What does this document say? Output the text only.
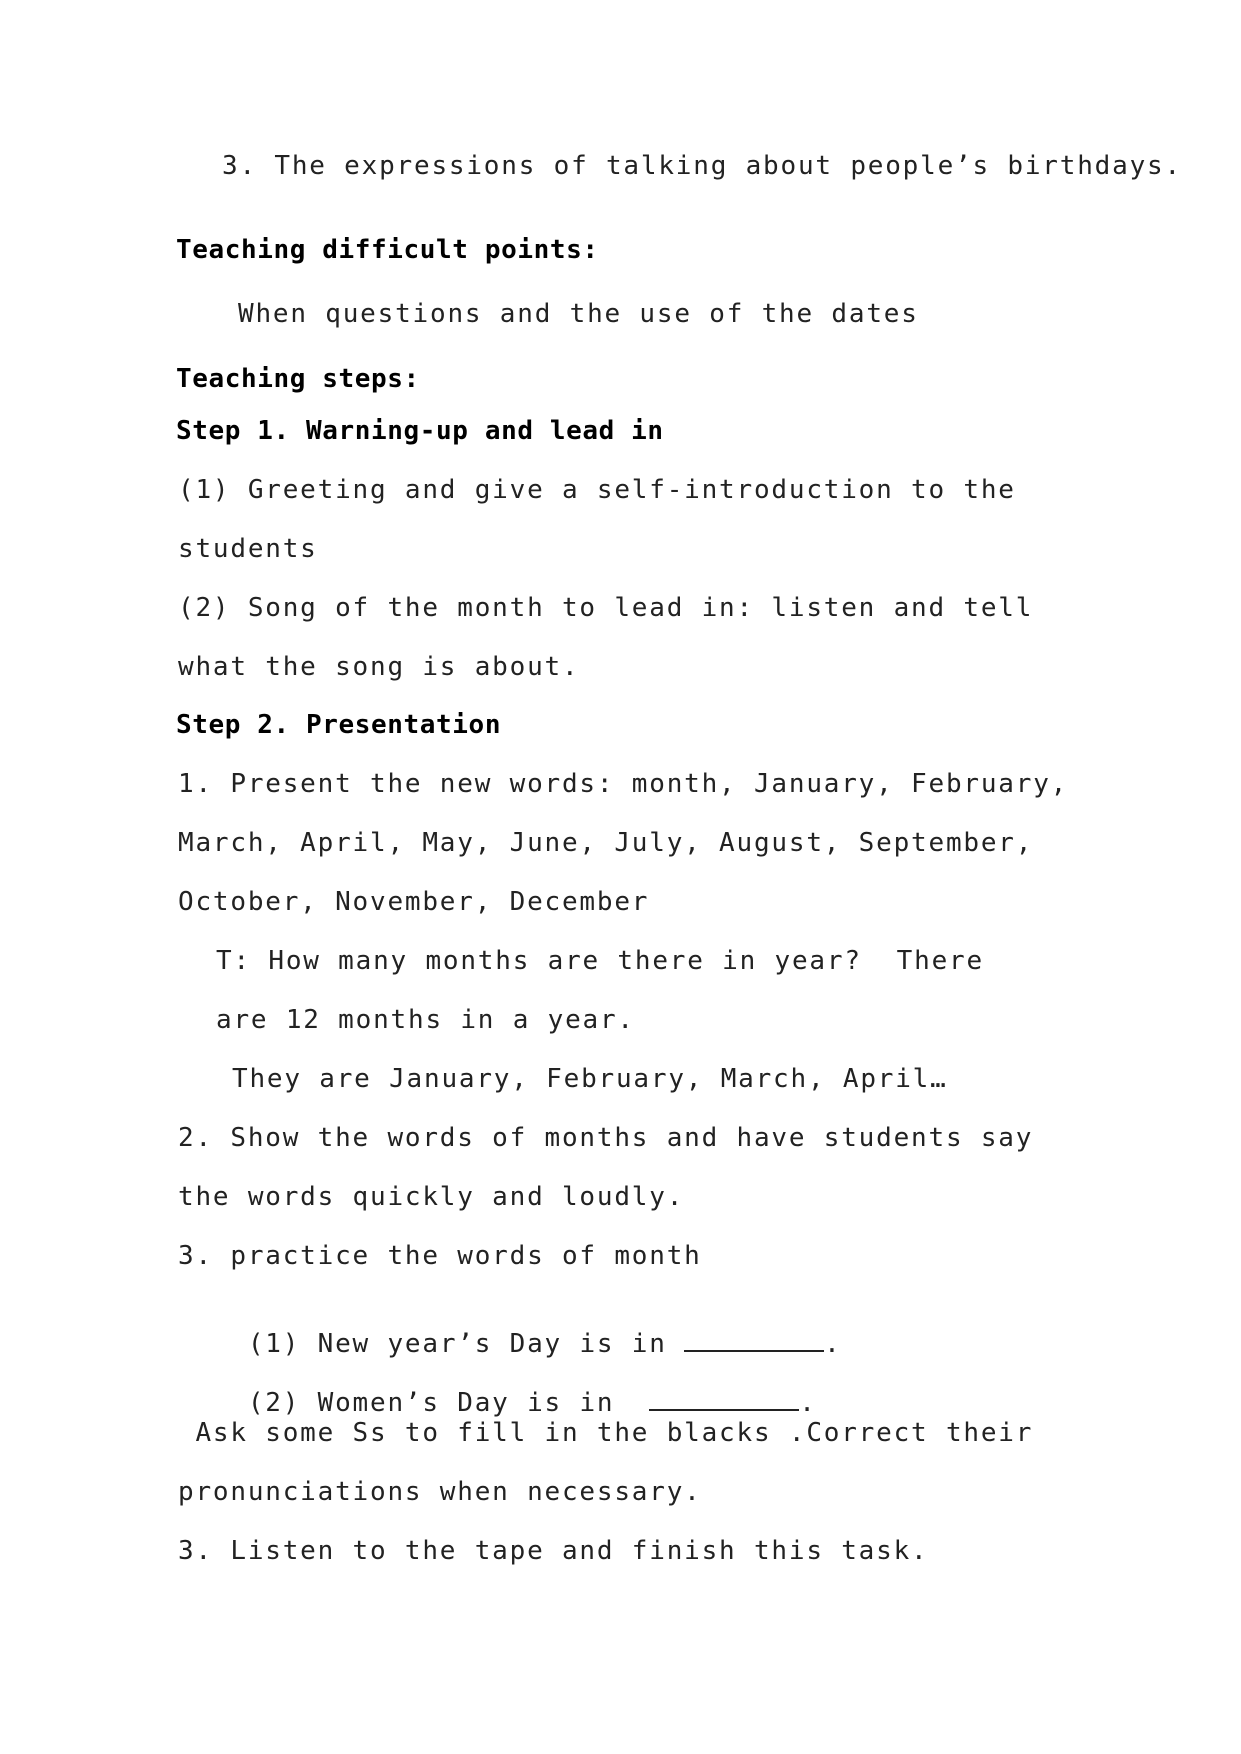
3. The expressions of talking about people’s birthdays.
Teaching difficult points:
When questions and the use of the dates
Teaching steps:
Step 1. Warning-up and lead in
(1) Greeting and give a self-introduction to the
students
(2) Song of the month to lead in: listen and tell
what the song is about.
Step 2. Presentation
1. Present the new words: month, January, February,
March, April, May, June, July, August, September,
October, November, December
T: How many months are there in year?  There
are 12 months in a year.
They are January, February, March, April…
2. Show the words of months and have students say
the words quickly and loudly.
3. practice the words of month

(1) New year’s Day is in	.

(2) Women’s Day is in	.

Ask some Ss to fill in the blacks .Correct their
pronunciations when necessary.
3. Listen to the tape and finish this task.
